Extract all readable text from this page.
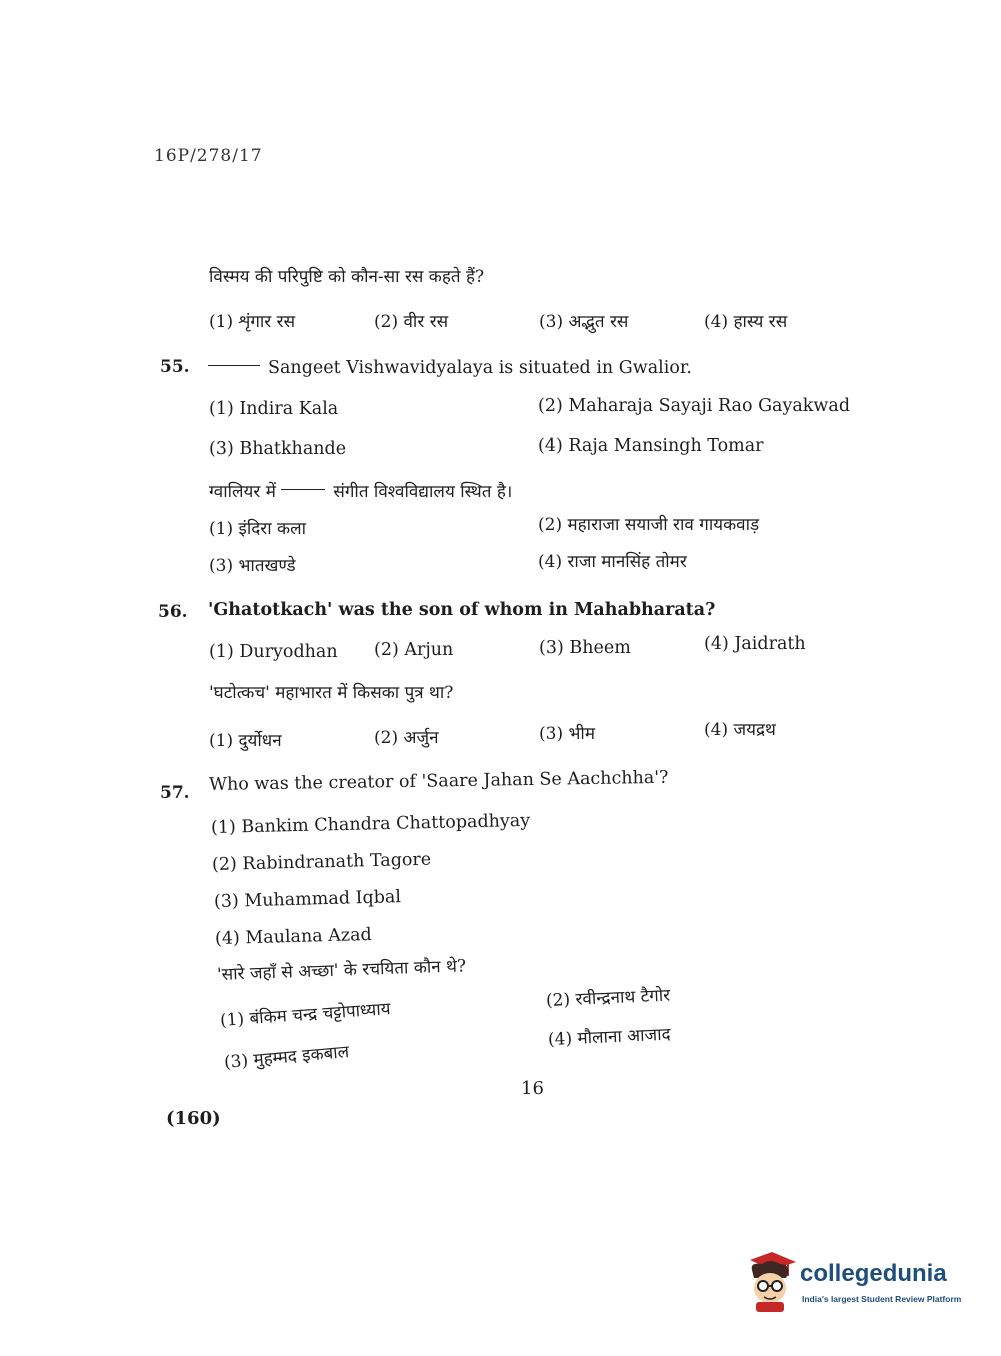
16P/278/17
विस्मय की परिपुष्टि को कौन-सा रस कहते हैं?
(1) शृंगार रस	(2) वीर रस	(3) अद्भुत रस	(4) हास्य रस
55.	Sangeet Vishwavidyalaya is situated in Gwalior.
(1) Indira Kala	(2) Maharaja Sayaji Rao Gayakwad
(3) Bhatkhande	(4) Raja Mansingh Tomar
ग्वालियर में	संगीत विश्वविद्यालय स्थित है।
(1) इंदिरा कला	(2) महाराजा सयाजी राव गायकवाड़
(3) भातखण्डे	(4) राजा मानसिंह तोमर
56. 'Ghatotkach' was the son of whom in Mahabharata?
(1) Duryodhan (2) Arjun	(3) Bheem	(4) Jaidrath
'घटोत्कच' महाभारत में किसका पुत्र था?
(1) दुर्योधन	(2) अर्जुन	(3) भीम	(4) जयद्रथ
57. Who was the creator of 'Saare Jahan Se Aachchha'?
(1) Bankim Chandra Chattopadhyay
(2) Rabindranath Tagore
(3) Muhammad Iqbal
(4) Maulana Azad
'सारे जहाँ से अच्छा' के रचयिता कौन थे?
(1) बंकिम चन्द्र चट्टोपाध्याय
(2) रवीन्द्रनाथ टैगोर
(3) मुहम्मद इकबाल
(4) मौलाना आजाद
16
(160)
collegedunia
India's largest Student Review Platform
